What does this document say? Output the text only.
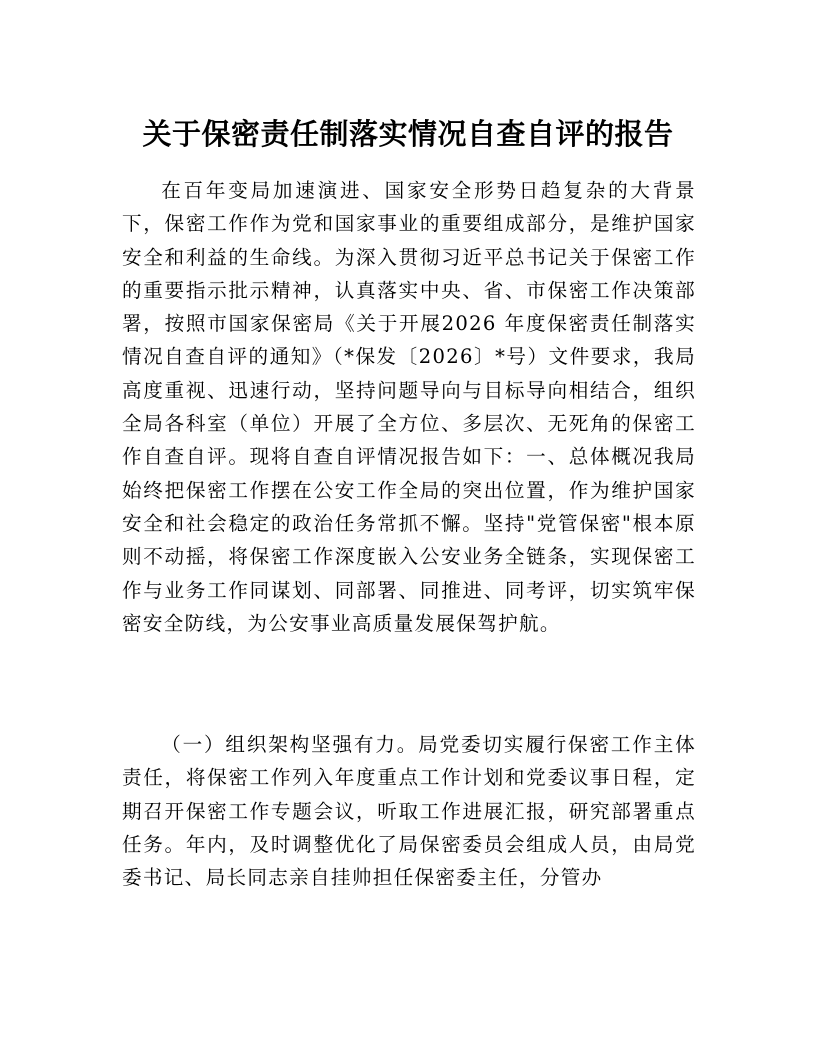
关于保密责任制落实情况自查自评的报告

在百年变局加速演进、国家安全形势日趋复杂的大背景下，保密工作作为党和国家事业的重要组成部分，是维护国家安全和利益的生命线。为深入贯彻习近平总书记关于保密工作的重要指示批示精神，认真落实中央、省、市保密工作决策部署，按照市国家保密局《关于开展2026 年度保密责任制落实情况自查自评的通知》（*保发〔2026〕*号）文件要求，我局高度重视、迅速行动，坚持问题导向与目标导向相结合，组织全局各科室（单位）开展了全方位、多层次、无死角的保密工作自查自评。现将自查自评情况报告如下：一、总体概况我局始终把保密工作摆在公安工作全局的突出位置，作为维护国家安全和社会稳定的政治任务常抓不懈。坚持"党管保密"根本原则不动摇，将保密工作深度嵌入公安业务全链条，实现保密工作与业务工作同谋划、同部署、同推进、同考评，切实筑牢保密安全防线，为公安事业高质量发展保驾护航。

（一）组织架构坚强有力。局党委切实履行保密工作主体责任，将保密工作列入年度重点工作计划和党委议事日程，定期召开保密工作专题会议，听取工作进展汇报，研究部署重点任务。年内，及时调整优化了局保密委员会组成人员，由局党委书记、局长同志亲自挂帅担任保密委主任，分管办
